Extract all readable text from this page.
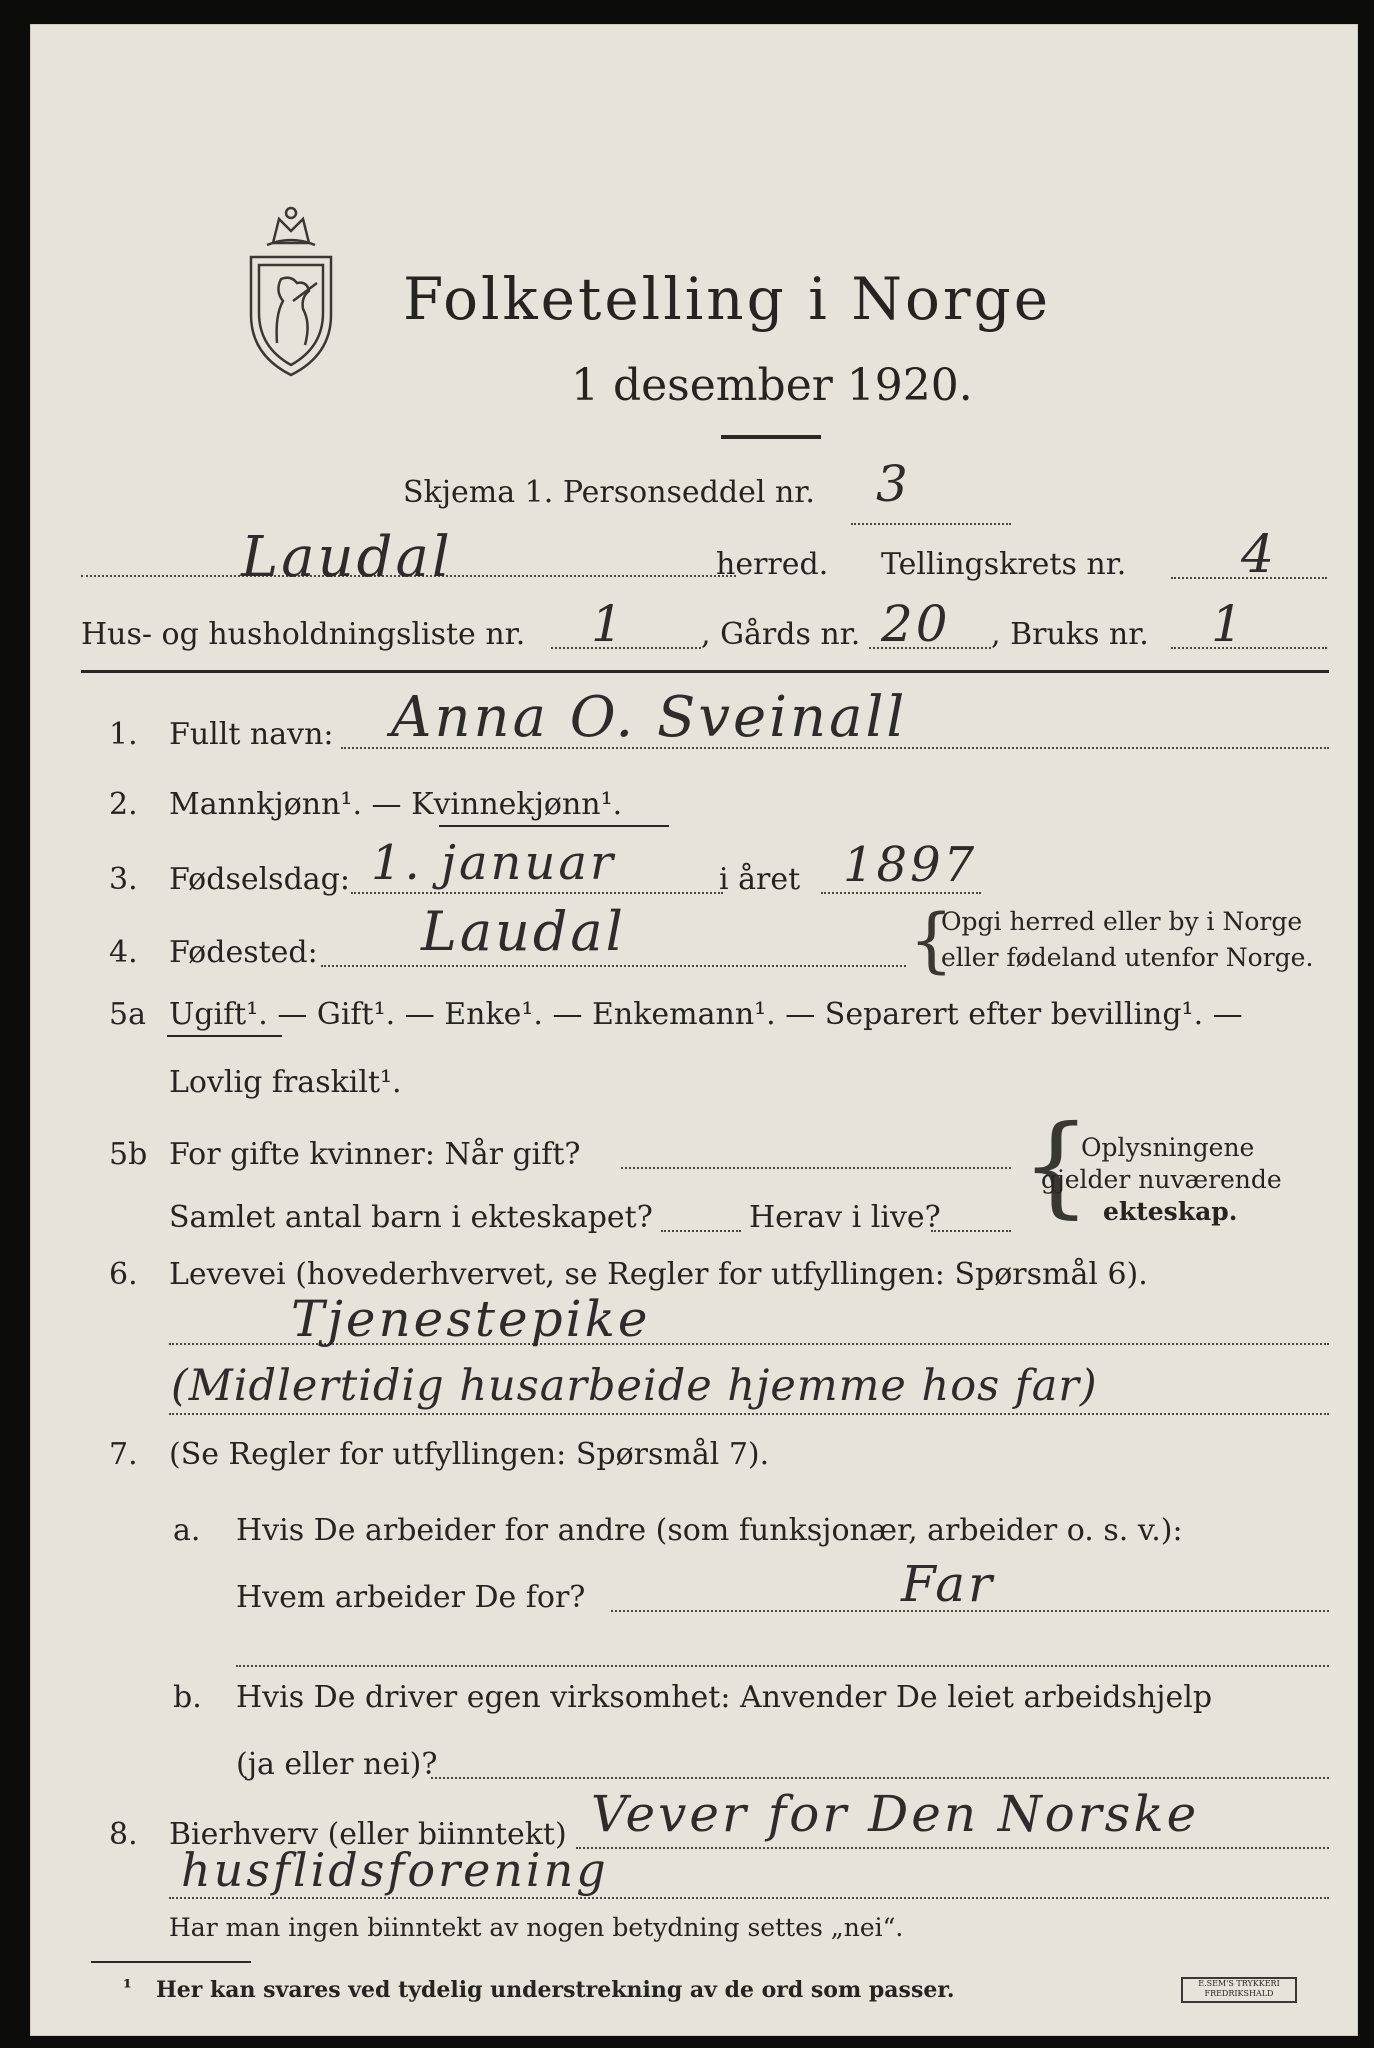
Folketelling i Norge
1 desember 1920.
Skjema 1. Personseddel nr. 3
Laudal	herred. Tellingskrets nr. 4
Hus- og husholdningsliste nr. 1	, Gårds nr. 20 , Bruks nr. 1
1. Fullt navn: Anna O. Sveinall
2. Mannkjønn¹. — Kvinnekjønn¹.
3. Fødselsdag: 1. januar	i året 1897
4. Fødested: Laudal	{
Opgi herred eller by i Norge
eller fødeland utenfor Norge.
5a Ugift¹. — Gift¹. — Enke¹. — Enkemann¹. — Separert efter bevilling¹. —
Lovlig fraskilt¹.
5b For gifte kvinner: Når gift?
Samlet antal barn i ekteskapet?	Herav i live? {
Oplysningene
gjelder nuværende
ekteskap.
6. Levevei (hovederhvervet, se Regler for utfyllingen: Spørsmål 6).
Tjenestepike
(Midlertidig husarbeide hjemme hos far)
7. (Se Regler for utfyllingen: Spørsmål 7).
a. Hvis De arbeider for andre (som funksjonær, arbeider o. s. v.):
Hvem arbeider De for?	Far
b. Hvis De driver egen virksomhet: Anvender De leiet arbeidshjelp
(ja eller nei)?
8. Bierhverv (eller biinntekt) Vever for Den Norske
husflidsforening
Har man ingen biinntekt av nogen betydning settes „nei“.
¹ Her kan svares ved tydelig understrekning av de ord som passer.	E.SEM'S TRYKKERI FREDRIKSHALD
